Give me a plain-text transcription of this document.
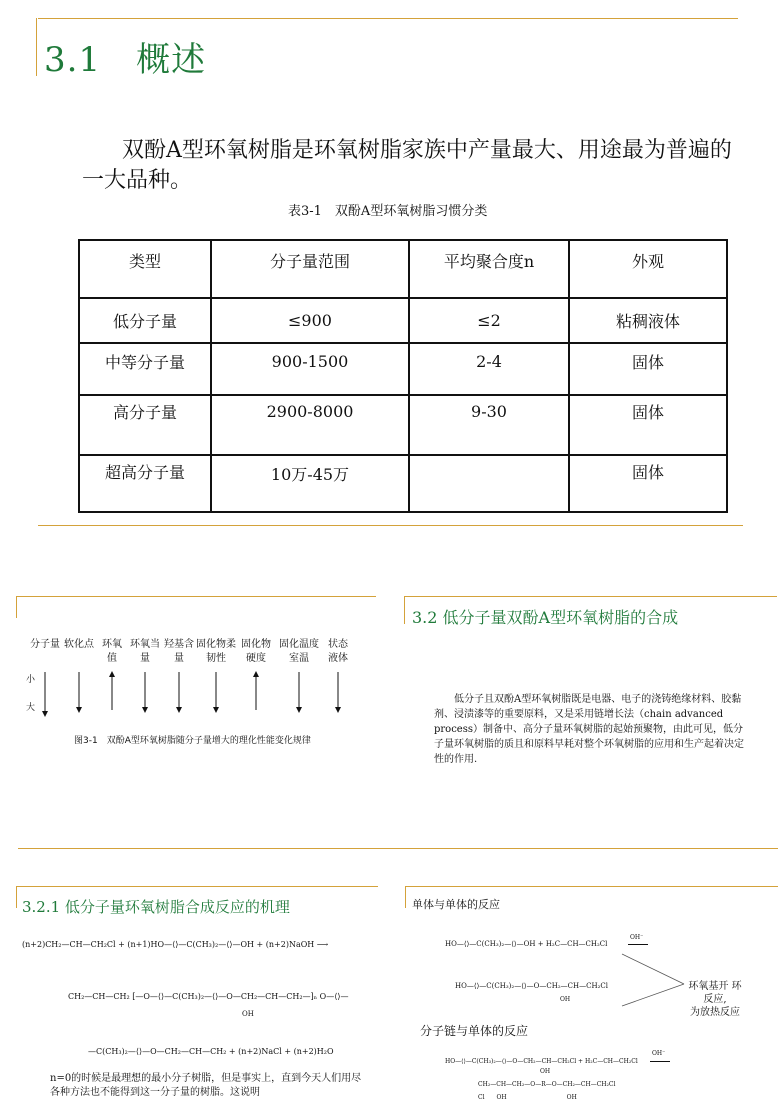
3.1　概述
双酚A型环氧树脂是环氧树脂家族中产量最大、用途最为普遍的一大品种。
表3-1　双酚A型环氧树脂习惯分类
类型	分子量范围	平均聚合度n	外观
低分子量	≤900	≤2	粘稠液体
中等分子量	900-1500	2-4	固体
高分子量	2900-8000	9-30	固体
超高分子量	10万-45万		固体
分子量 软化点 环氧值
环氧当量
羟基含量
固化物柔韧性
固化物硬度
固化温度室温
状态液体
小
大
图3-1　双酚A型环氧树脂随分子量增大的理化性能变化规律
3.2 低分子量双酚A型环氧树脂的合成
低分子且双酚A型环氧树脂既是电器、电子的浇铸绝缘材料、胶黏剂、浸渍漆等的重要原料，又是采用链增长法（chain advanced process）制备中、高分子量环氧树脂的起始预聚物，由此可见，低分子量环氧树脂的质且和原料早耗对整个环氧树脂的应用和生产起着决定性的作用.
3.2.1 低分子量环氧树脂合成反应的机理
(n+2)CH₂—CH—CH₂Cl + (n+1)HO—⟨⟩—C(CH₃)₂—⟨⟩—OH + (n+2)NaOH ⟶
CH₂—CH—CH₂ [—O—⟨⟩—C(CH₃)₂—⟨⟩—O—CH₂—CH—CH₂—]ₙ O—⟨⟩—
OH
—C(CH₃)₂—⟨⟩—O—CH₂—CH—CH₂ + (n+2)NaCl + (n+2)H₂O
n=0的时候是最理想的最小分子树脂，但是事实上，直到今天人们用尽各种方法也不能得到这一分子量的树脂。这说明
单体与单体的反应
HO—⟨⟩—C(CH₃)₂—⟨⟩—OH + H₂C—CH—CH₂Cl
OH⁻
HO—⟨⟩—C(CH₃)₂—⟨⟩—O—CH₂—CH—CH₂Cl
OH
环氧基开 环
反应,
为放热反应
分子链与单体的反应
HO—⟨⟩—C(CH₃)₂—⟨⟩—O—CH₂—CH—CH₂Cl + H₂C—CH—CH₂Cl
OH⁻
OH
CH₂—CH—CH₂—O—R—O—CH₂—CH—CH₂Cl
Cl　　OH　　　　　　　　　　OH
